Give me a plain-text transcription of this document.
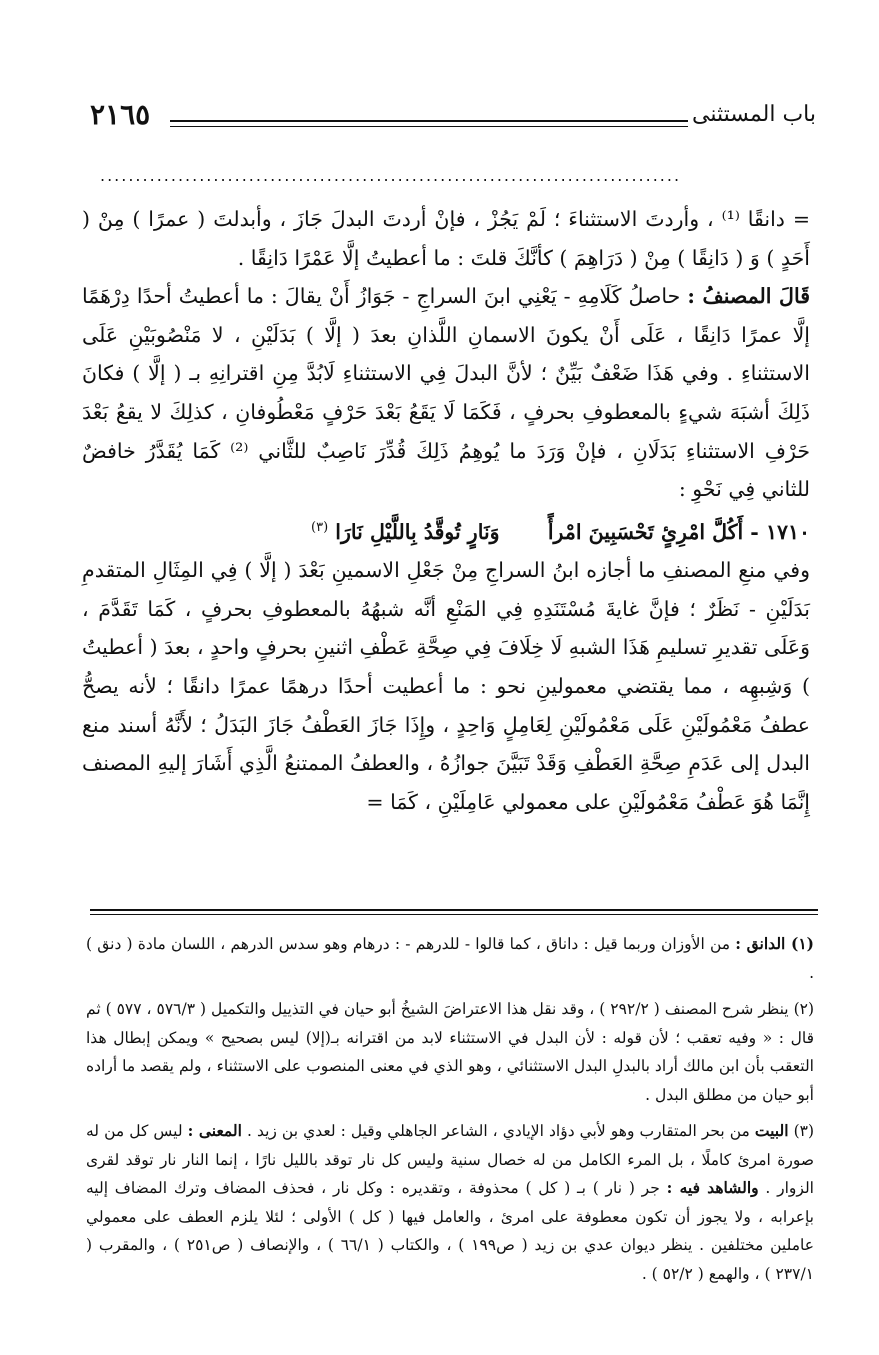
باب المستثنى
٢١٦٥
..................................................................................

= دانقًا ⁽¹⁾ ، وأردتَ الاستثناءَ ؛ لَمْ يَجُزْ ، فإنْ أردتَ البدلَ جَازَ ، وأبدلتَ ( عمرًا ) مِنْ ( أَحَدٍ ) وَ ( دَانِقًا ) مِنْ ( دَرَاهِمَ ) كأنَّكَ قلتَ : ما أعطيتُ إلَّا عَمْرًا دَانِقًا .

قَالَ المصنفُ : حاصلُ كَلَامِهِ - يَعْنِي ابنَ السراجِ - جَوَازُ أَنْ يقالَ : ما أعطيتُ أحدًا دِرْهَمًا إلَّا عمرًا دَانِقًا ، عَلَى أَنْ يكونَ الاسمانِ اللَّذانِ بعدَ ( إلَّا ) بَدَلَيْنِ ، لا مَنْصُوبَيْنِ عَلَى الاستثناءِ . وفي هَذَا ضَعْفٌ بَيِّنٌ ؛ لأنَّ البدلَ فِي الاستثناءِ لَابُدَّ مِنِ اقترانِهِ بـ ( إلَّا ) فكانَ ذَلِكَ أشبَهَ شيءٍ بالمعطوفِ بحرفٍ ، فَكَمَا لَا يَقَعُ بَعْدَ حَرْفٍ مَعْطُوفانِ ، كذلِكَ لا يقعُ بَعْدَ حَرْفِ الاستثناءِ بَدَلَانِ ، فإنْ وَرَدَ ما يُوهِمُ ذَلِكَ قُدِّرَ نَاصِبٌ للثَّاني ⁽²⁾ كَمَا يُقَدَّرُ خافضٌ للثاني فِي نَحْوِ :

١٧١٠ - أَكُلَّ امْرِئٍ تَحْسَبِينَ امْرأً  وَنَارٍ تُوقَّدُ بِاللَّيْلِ نَارَا $^{(٣)}$

وفي منعِ المصنفِ ما أجازه ابنُ السراجِ مِنْ جَعْلِ الاسمينِ بَعْدَ ( إلَّا ) فِي المِثَالِ المتقدمِ بَدَلَيْنِ - نَظَرٌ ؛ فإنَّ غايةَ مُسْتَنَدِهِ فِي المَنْعِ أنَّه شبهُهُ بالمعطوفِ بحرفٍ ، كَمَا تَقَدَّمَ ، وَعَلَى تقديرِ تسليمِ هَذَا الشبهِ لَا خِلَافَ فِي صِحَّةِ عَطْفِ اثنينِ بحرفٍ واحدٍ ، بعدَ ( أعطيتُ ) وَشِبهِه ، مما يقتضي معمولينِ نحو : ما أعطيت أحدًا درهمًا عمرًا دانقًا ؛ لأنه يصحُّ عطفُ مَعْمُولَيْنِ عَلَى مَعْمُولَيْنِ لِعَامِلٍ وَاحِدٍ ، وإِذَا جَازَ العَطْفُ جَازَ البَدَلُ ؛ لأَنَّهُ أسند منع البدل إلى عَدَمِ صِحَّةِ العَطْفِ وَقَدْ تَبَيَّنَ جوازُهُ ، والعطفُ الممتنعُ الَّذِي أَشَارَ إليهِ المصنف إِنَّمَا هُوَ عَطْفُ مَعْمُولَيْنِ على معمولي عَامِلَيْنِ ، كَمَا =

(١) الدانق : من الأوزان وربما قيل : داناق ، كما قالوا - للدرهم - : درهام وهو سدس الدرهم ، اللسان مادة ( دنق ) .

(٢) ينظر شرح المصنف ( ٢٩٢/٢ ) ، وقد نقل هذا الاعتراضَ الشيخُ أبو حيان في التذييل والتكميل ( ٥٧٦/٣ ، ٥٧٧ ) ثم قال : « وفيه تعقب ؛ لأن قوله : لأن البدل في الاستثناء لابد من اقترانه بـ(إلا) ليس بصحيح » ويمكن إبطال هذا التعقب بأن ابن مالك أراد بالبدلِ البدل الاستثنائي ، وهو الذي في معنى المنصوب على الاستثناء ، ولم يقصد ما أراده أبو حيان من مطلق البدل .

(٣) البيت من بحر المتقارب وهو لأبي دؤاد الإيادي ، الشاعر الجاهلي وقيل : لعدي بن زيد . المعنى : ليس كل من له صورة امرئ كاملًا ، بل المرء الكامل من له خصال سنية وليس كل نار توقد بالليل نارًا ، إنما النار نار توقد لقرى الزوار . والشاهد فيه : جر ( نار ) بـ ( كل ) محذوفة ، وتقديره : وكل نار ، فحذف المضاف وترك المضاف إليه بإعرابه ، ولا يجوز أن تكون معطوفة على امرئ ، والعامل فيها ( كل ) الأولى ؛ لئلا يلزم العطف على معمولي عاملين مختلفين . ينظر ديوان عدي بن زيد ( ص١٩٩ ) ، والكتاب ( ٦٦/١ ) ، والإنصاف ( ص٢٥١ ) ، والمقرب ( ٢٣٧/١ ) ، والهمع ( ٥٢/٢ ) .
